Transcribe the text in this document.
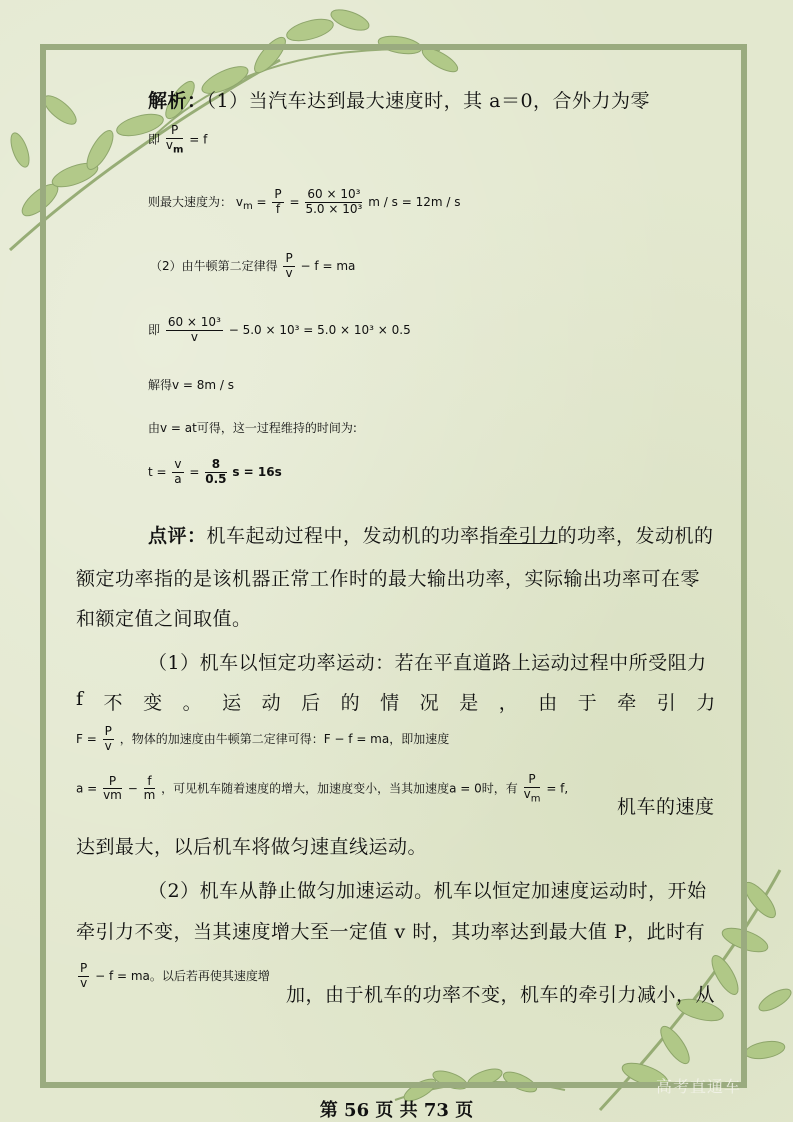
解析：（1）当汽车达到最大速度时，其 a＝0，合外力为零
即 $\frac{P}{v_m} = f$
则最大速度为： $v_m = \frac{P}{f} = \frac{\text{60 × 10³}}{\text{5.0 × 10³}}$ m / s = 12m / s
（2）由牛顿第二定律得 $\frac{P}{v} - f$ = ma
即 $\frac{\text{60 × 10³}}{v} - 5.0 \times 10^3 = 5.0 \times 10^3 \times 0.5$
解得v = 8m / s
由v = at可得，这一过程维持的时间为:
$t = \frac{v}{a} = \frac{8}{0.5}$ s = 16s
点评：机车起动过程中，发动机的功率指牵引力的功率，发动机的
额定功率指的是该机器正常工作时的最大输出功率，实际输出功率可在零
和额定值之间取值。
（1）机车以恒定功率运动：若在平直道路上运动过程中所受阻力
f 不 变 。 运 动 后 的 情 况 是 ， 由 于 牵 引 力
$F = \frac{P}{v}$ ，物体的加速度由牛顿第二定律可得：F − f = ma，即加速度
$a = \frac{P}{vm} - \frac{f}{m}$ ，可见机车随着速度的增大，加速度变小，当其加速度a = 0时，有 $\frac{P}{v_m} = f$,
机车的速度
达到最大，以后机车将做匀速直线运动。
（2）机车从静止做匀加速运动。机车以恒定加速度运动时，开始
牵引力不变，当其速度增大至一定值 v 时，其功率达到最大值 P，此时有
$\frac{P}{v} - f$ = ma。以后若再使其速度增
加，由于机车的功率不变，机车的牵引力减小，从
高考直通车
第 56 页 共 73 页
